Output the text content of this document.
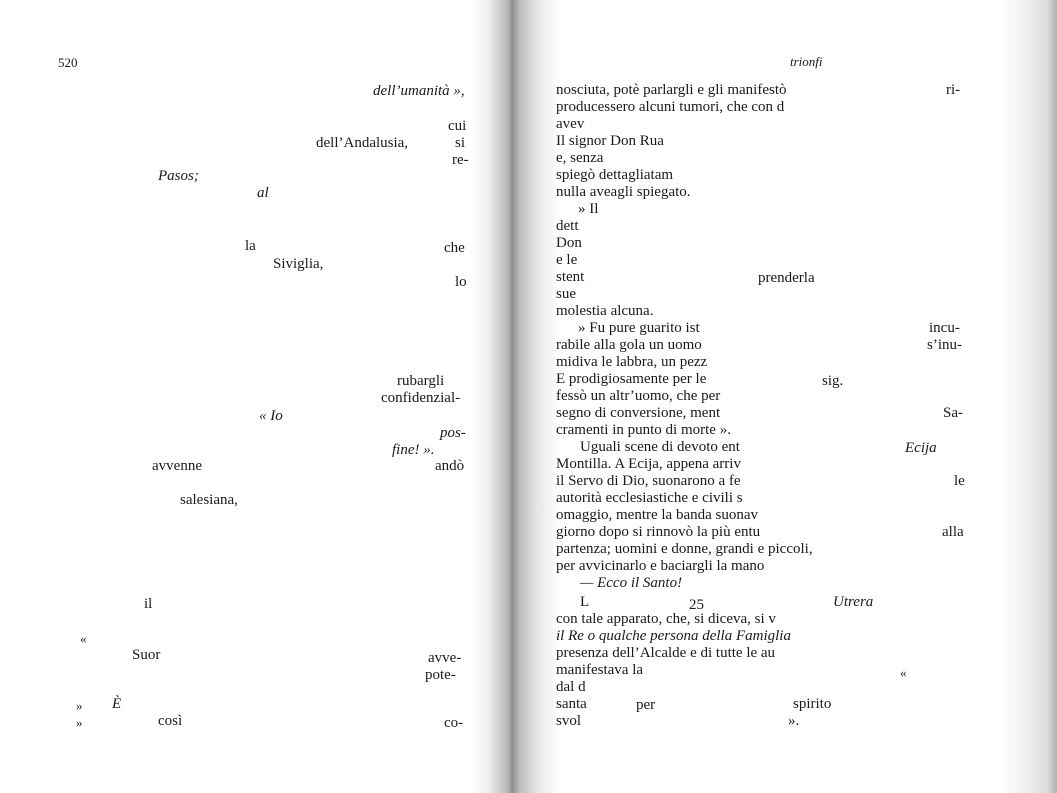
520
dell’umanità »,
cui
dell’Andalusia,	si
re-
Pasos;
al
la	che
Siviglia,
lo
rubargli
confidenzial-
« Io
pos-
fine! ».
avvenne	andò
salesiana,
il
«
Suor	avve-
pote-
» È
»	così	co-
trionfi
nosciuta, potè parlargli e gli manifestò
producessero alcuni tumori, che con d
avev
Il signor Don Rua
e, senza
spiegò dettagliatam
nulla aveagli spiegato.
» Il
dett
Don
e le
stent
sue
molestia alcuna.
» Fu pure guarito ist
rabile alla gola un uomo
midiva le labbra, un pezz
E prodigiosamente per le
fessò un altr’uomo, che per
segno di conversione, ment
cramenti in punto di morte ».
Uguali scene di devoto ent
Montilla. A Ecija, appena arriv
il Servo di Dio, suonarono a fe
autorità ecclesiastiche e civili s
omaggio, mentre la banda suonav
giorno dopo si rinnovò la più entu
partenza; uomini e donne, grandi e piccoli,
per avvicinarlo e baciargli la mano
— Ecco il Santo!
L
con tale apparato, che, si diceva, si v
il Re o qualche persona della Famiglia
presenza dell’Alcalde e di tutte le au
manifestava la
dal d
santa
svol
ri-
prenderla
incu-
s’inu-
sig.
Sa-
Ecija
le
alla
25	Utrera
«
per	spirito
».
